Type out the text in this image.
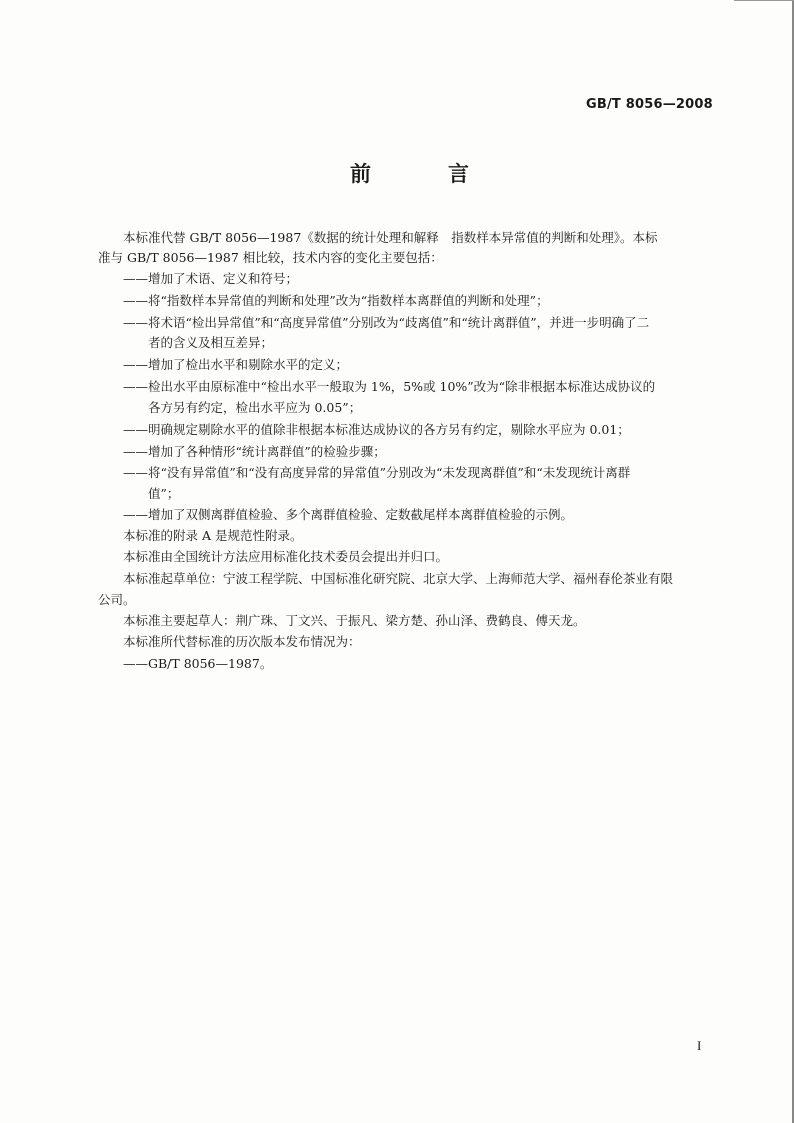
GB/T 8056—2008
前　言
本标准代替 GB/T 8056—1987《数据的统计处理和解释　指数样本异常值的判断和处理》。本标
准与 GB/T 8056—1987 相比较，技术内容的变化主要包括：
——增加了术语、定义和符号；
——将“指数样本异常值的判断和处理”改为“指数样本离群值的判断和处理”；
——将术语“检出异常值”和“高度异常值”分别改为“歧离值”和“统计离群值”，并进一步明确了二
者的含义及相互差异；
——增加了检出水平和剔除水平的定义；
——检出水平由原标准中“检出水平一般取为 1%，5%或 10%”改为“除非根据本标准达成协议的
各方另有约定，检出水平应为 0.05”；
——明确规定剔除水平的值除非根据本标准达成协议的各方另有约定，剔除水平应为 0.01；
——增加了各种情形“统计离群值”的检验步骤；
——将“没有异常值”和“没有高度异常的异常值”分别改为“未发现离群值”和“未发现统计离群
值”；
——增加了双侧离群值检验、多个离群值检验、定数截尾样本离群值检验的示例。
本标准的附录 A 是规范性附录。
本标准由全国统计方法应用标准化技术委员会提出并归口。
本标准起草单位：宁波工程学院、中国标准化研究院、北京大学、上海师范大学、福州春伦茶业有限
公司。
本标准主要起草人：荆广珠、丁文兴、于振凡、梁方楚、孙山泽、费鹤良、傅天龙。
本标准所代替标准的历次版本发布情况为：
——GB/T 8056—1987。
I
